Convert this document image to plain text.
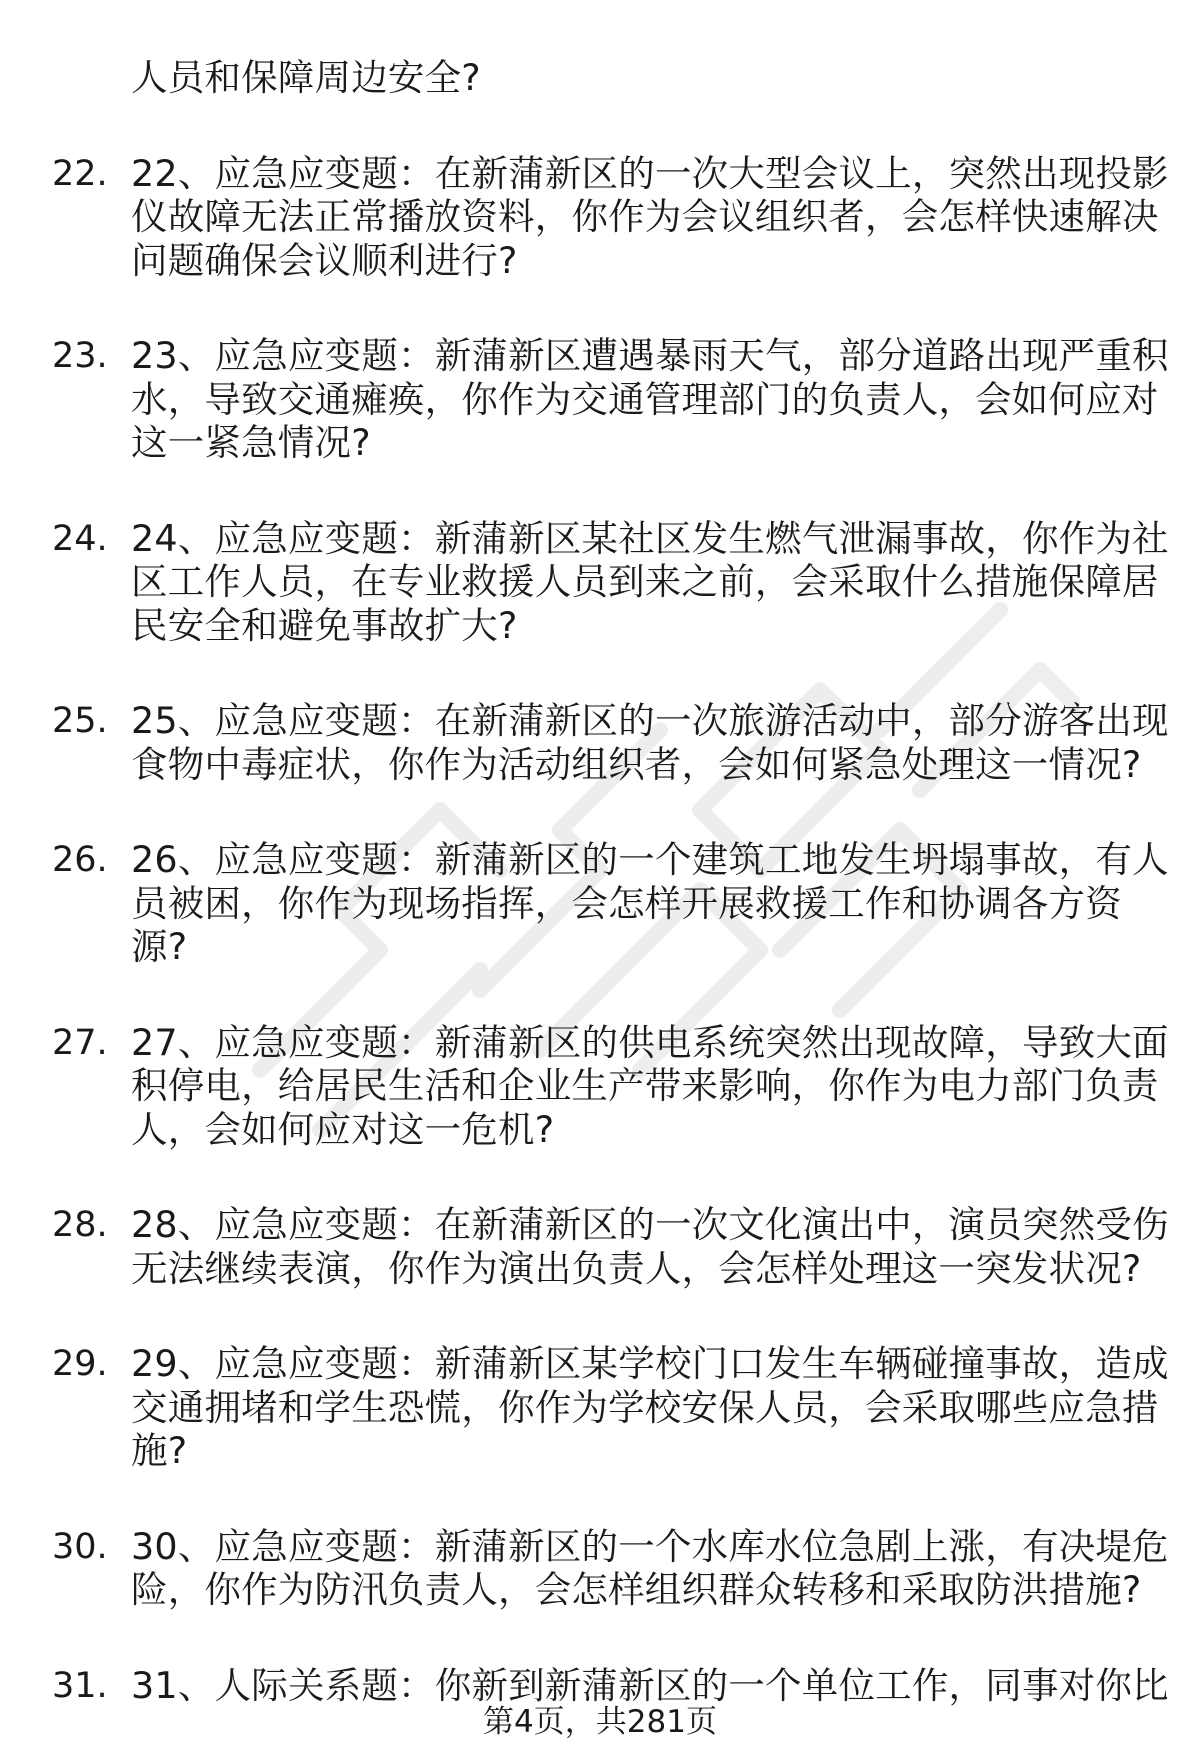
人员和保障周边安全?
22. 22、应急应变题：在新蒲新区的一次大型会议上，突然出现投影
仪故障无法正常播放资料，你作为会议组织者，会怎样快速解决
问题确保会议顺利进行?
23. 23、应急应变题：新蒲新区遭遇暴雨天气，部分道路出现严重积
水，导致交通瘫痪，你作为交通管理部门的负责人，会如何应对
这一紧急情况?
24. 24、应急应变题：新蒲新区某社区发生燃气泄漏事故，你作为社
区工作人员，在专业救援人员到来之前，会采取什么措施保障居
民安全和避免事故扩大?
25. 25、应急应变题：在新蒲新区的一次旅游活动中，部分游客出现
食物中毒症状，你作为活动组织者，会如何紧急处理这一情况?
26. 26、应急应变题：新蒲新区的一个建筑工地发生坍塌事故，有人
员被困，你作为现场指挥，会怎样开展救援工作和协调各方资
源?
27. 27、应急应变题：新蒲新区的供电系统突然出现故障，导致大面
积停电，给居民生活和企业生产带来影响，你作为电力部门负责
人，会如何应对这一危机?
28. 28、应急应变题：在新蒲新区的一次文化演出中，演员突然受伤
无法继续表演，你作为演出负责人，会怎样处理这一突发状况?
29. 29、应急应变题：新蒲新区某学校门口发生车辆碰撞事故，造成
交通拥堵和学生恐慌，你作为学校安保人员，会采取哪些应急措
施?
30. 30、应急应变题：新蒲新区的一个水库水位急剧上涨，有决堤危
险，你作为防汛负责人，会怎样组织群众转移和采取防洪措施?
31. 31、人际关系题：你新到新蒲新区的一个单位工作，同事对你比
第4页，共281页
